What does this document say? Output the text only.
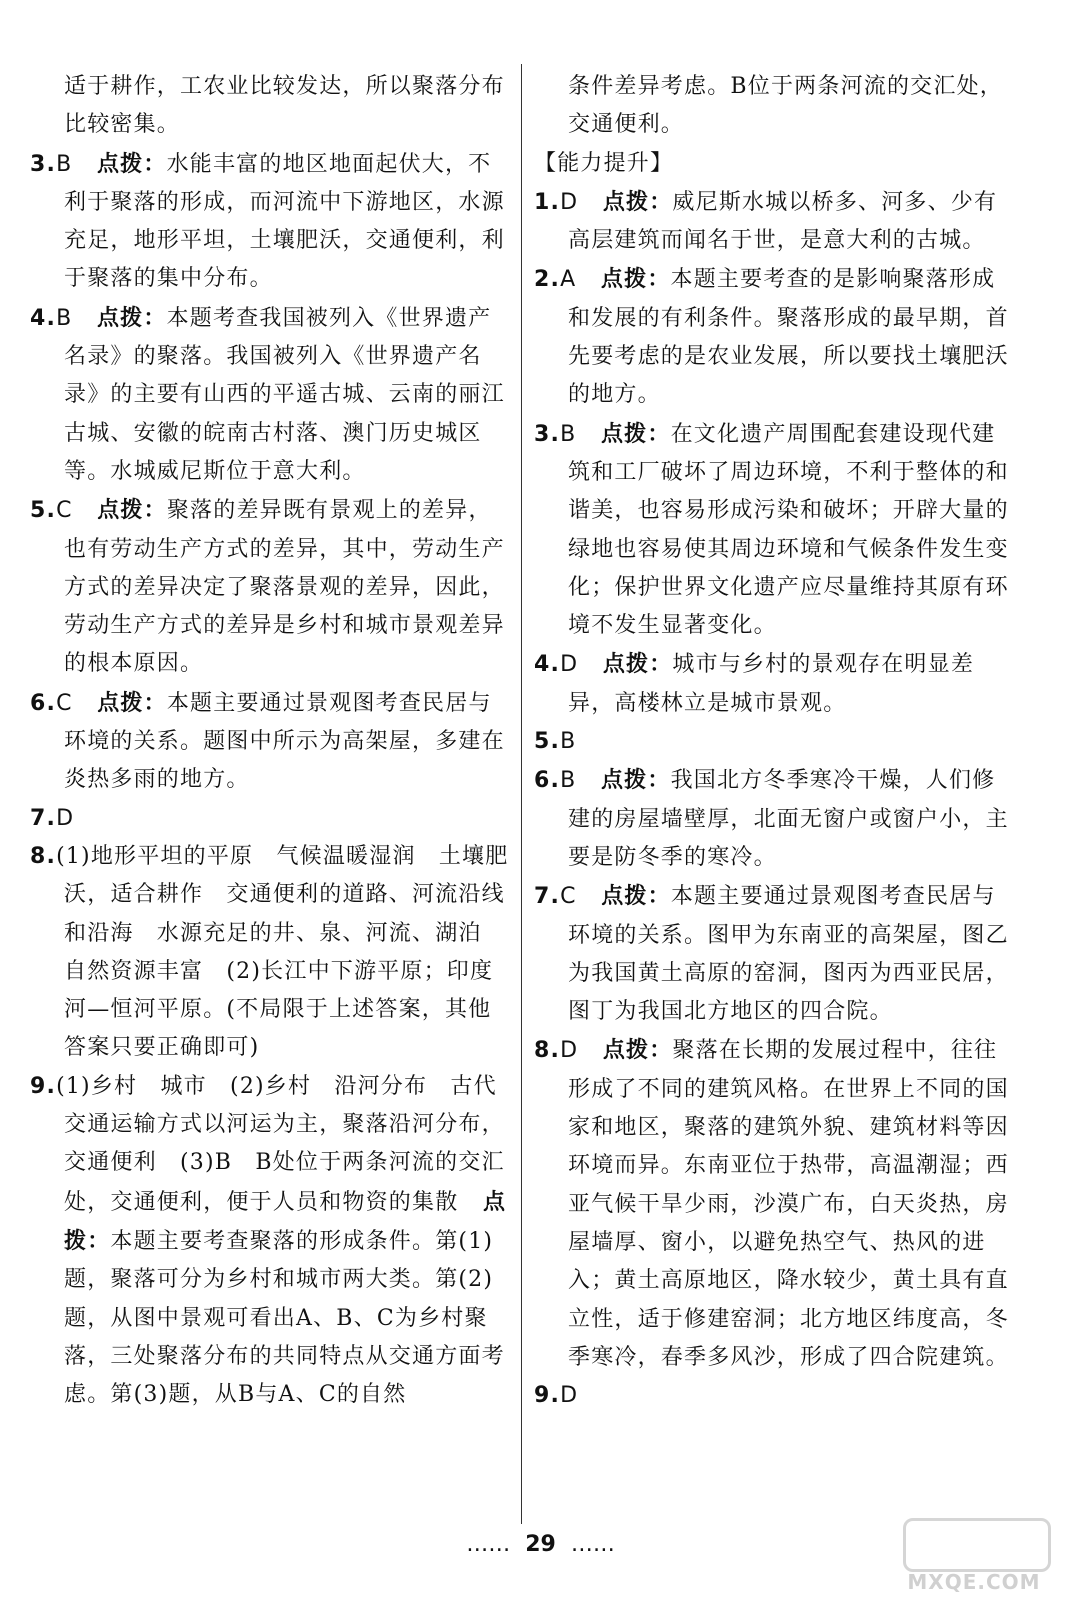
适于耕作，工农业比较发达，所以聚落分布比较密集。

3.B 点拨：水能丰富的地区地面起伏大，不利于聚落的形成，而河流中下游地区，水源充足，地形平坦，土壤肥沃，交通便利，利于聚落的集中分布。

4.B 点拨：本题考查我国被列入《世界遗产名录》的聚落。我国被列入《世界遗产名录》的主要有山西的平遥古城、云南的丽江古城、安徽的皖南古村落、澳门历史城区等。水城威尼斯位于意大利。

5.C 点拨：聚落的差异既有景观上的差异，也有劳动生产方式的差异，其中，劳动生产方式的差异决定了聚落景观的差异，因此，劳动生产方式的差异是乡村和城市景观差异的根本原因。

6.C 点拨：本题主要通过景观图考查民居与环境的关系。题图中所示为高架屋，多建在炎热多雨的地方。

7.D

8.(1)地形平坦的平原　气候温暖湿润　土壤肥沃，适合耕作　交通便利的道路、河流沿线和沿海　水源充足的井、泉、河流、湖泊　自然资源丰富　(2)长江中下游平原；印度河—恒河平原。(不局限于上述答案，其他答案只要正确即可)

9.(1)乡村　城市　(2)乡村　沿河分布　古代交通运输方式以河运为主，聚落沿河分布，交通便利　(3)B　B处位于两条河流的交汇处，交通便利，便于人员和物资的集散 点拨：本题主要考查聚落的形成条件。第(1)题，聚落可分为乡村和城市两大类。第(2)题，从图中景观可看出A、B、C为乡村聚落，三处聚落分布的共同特点从交通方面考虑。第(3)题，从B与A、C的自然

条件差异考虑。B位于两条河流的交汇处，交通便利。

【能力提升】

1.D 点拨：威尼斯水城以桥多、河多、少有高层建筑而闻名于世，是意大利的古城。

2.A 点拨：本题主要考查的是影响聚落形成和发展的有利条件。聚落形成的最早期，首先要考虑的是农业发展，所以要找土壤肥沃的地方。

3.B 点拨：在文化遗产周围配套建设现代建筑和工厂破坏了周边环境，不利于整体的和谐美，也容易形成污染和破坏；开辟大量的绿地也容易使其周边环境和气候条件发生变化；保护世界文化遗产应尽量维持其原有环境不发生显著变化。

4.D 点拨：城市与乡村的景观存在明显差异，高楼林立是城市景观。

5.B

6.B 点拨：我国北方冬季寒冷干燥，人们修建的房屋墙壁厚，北面无窗户或窗户小，主要是防冬季的寒冷。

7.C 点拨：本题主要通过景观图考查民居与环境的关系。图甲为东南亚的高架屋，图乙为我国黄土高原的窑洞，图丙为西亚民居，图丁为我国北方地区的四合院。

8.D 点拨：聚落在长期的发展过程中，往往形成了不同的建筑风格。在世界上不同的国家和地区，聚落的建筑外貌、建筑材料等因环境而异。东南亚位于热带，高温潮湿；西亚气候干旱少雨，沙漠广布，白天炎热，房屋墙厚、窗小，以避免热空气、热风的进入；黄土高原地区，降水较少，黄土具有直立性，适于修建窑洞；北方地区纬度高，冬季寒冷，春季多风沙，形成了四合院建筑。

9.D

…… 29 ……
MXQE.COM
